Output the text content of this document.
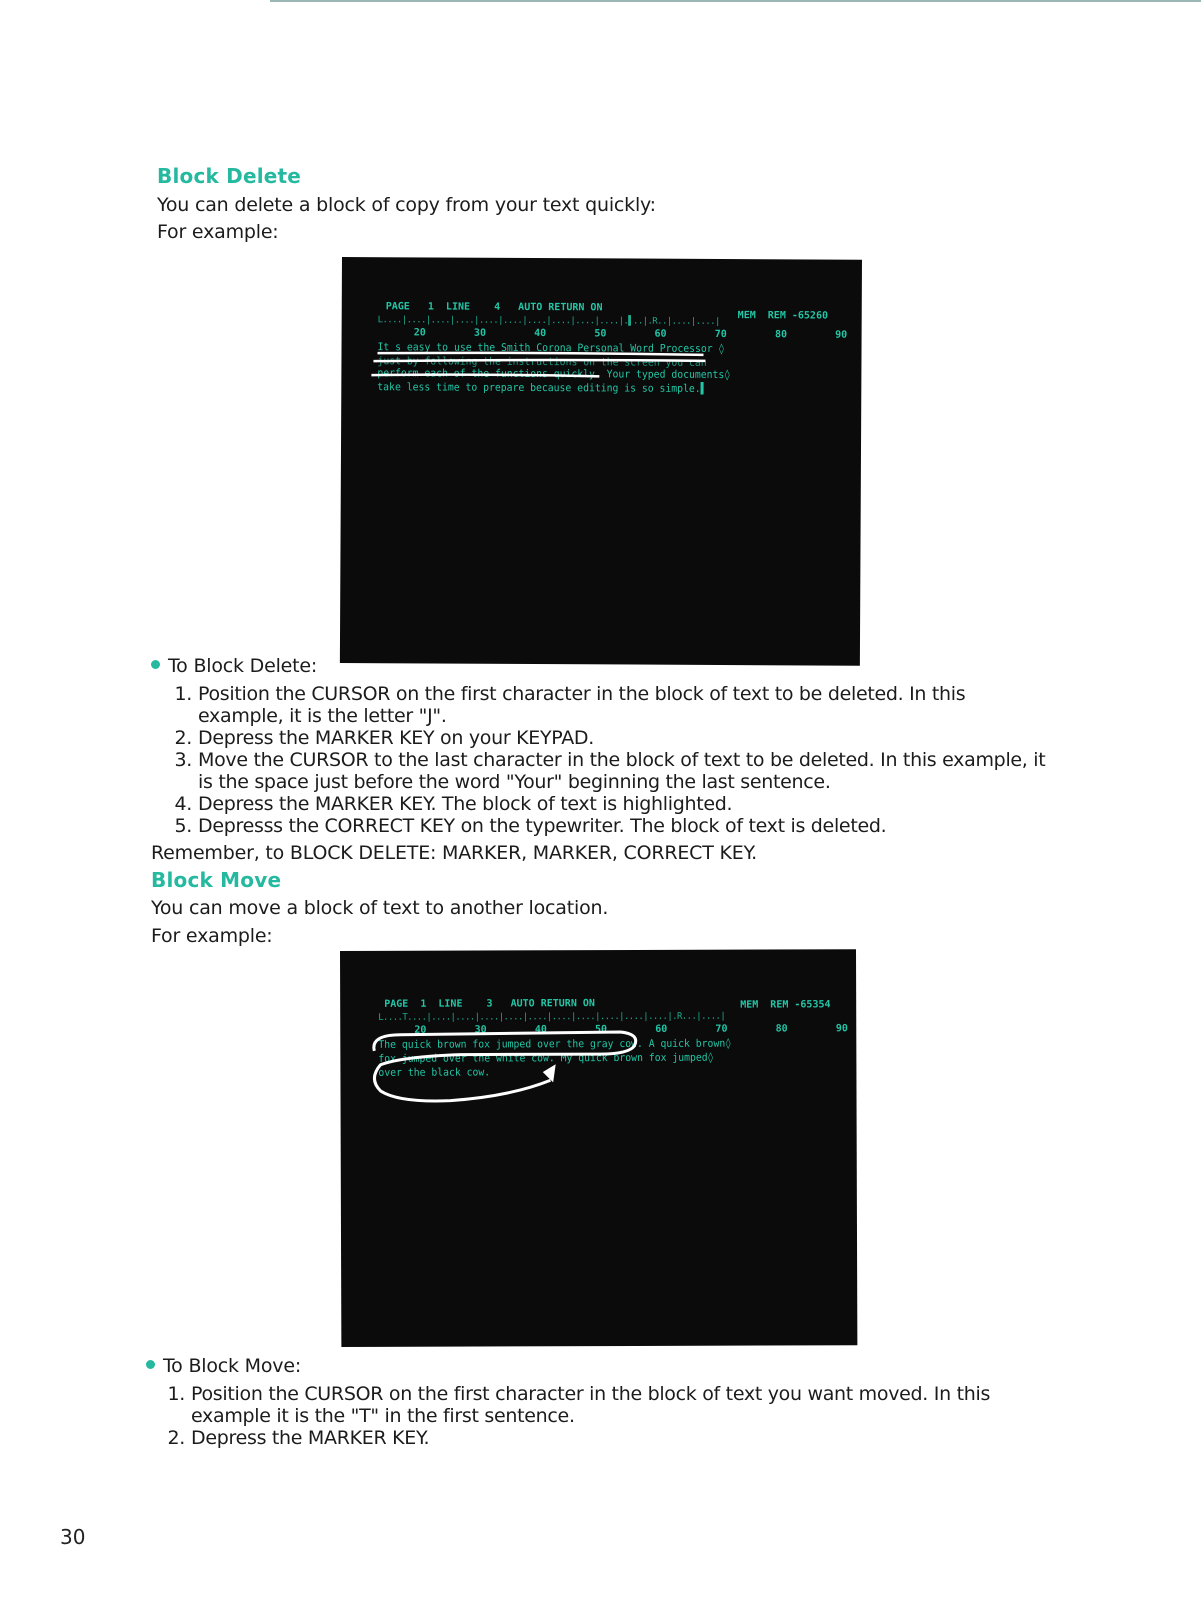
Block Delete
You can delete a block of copy from your text quickly:
For example:
PAGE   1  LINE    4   AUTO RETURN ON
MEM  REM -65260
L....|....|....|....|....|....|....|....|....|....|.▌..|.R..|....|....|
20        30        40        50        60        70        80        90
It s easy to use the Smith Corona Personal Word Processor ◊
just by following the instructions on the screen you can
perform each of the functions quickly. Your typed documents◊
take less time to prepare because editing is so simple.▌
To Block Delete:
1. Position the CURSOR on the first character in the block of text to be deleted. In this
example, it is the letter "J".
2. Depress the MARKER KEY on your KEYPAD.
3. Move the CURSOR to the last character in the block of text to be deleted. In this example, it
is the space just before the word "Your" beginning the last sentence.
4. Depress the MARKER KEY. The block of text is highlighted.
5. Depresss the CORRECT KEY on the typewriter. The block of text is deleted.
Remember, to BLOCK DELETE: MARKER, MARKER, CORRECT KEY.
Block Move
You can move a block of text to another location.
For example:
PAGE  1  LINE    3   AUTO RETURN ON	MEM  REM -65354
L....T....|....|....|....|....|....|....|....|....|....|....|.R...|....|
20        30        40        50        60        70        80        90
The quick brown fox jumped over the gray cow. A quick brown◊
fox jumped over the white cow. My quick brown fox jumped◊
over the black cow.
To Block Move:
1. Position the CURSOR on the first character in the block of text you want moved. In this
example it is the "T" in the first sentence.
2. Depress the MARKER KEY.
30
